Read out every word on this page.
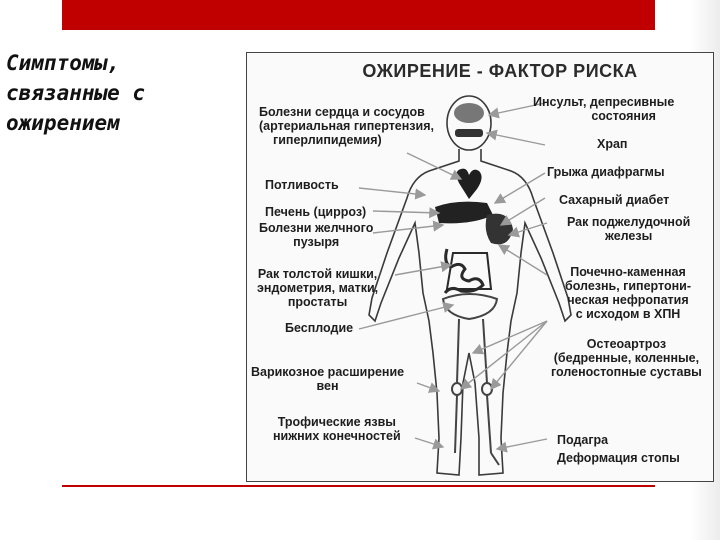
Симптомы,
связанные с
ожирением
ОЖИРЕНИЕ - ФАКТОР РИСКА
Болезни сердца и сосудов
(артериальная гипертензия,
гиперлипидемия)
Потливость
Печень (цирроз)
Болезни желчного
пузыря
Рак толстой кишки,
эндометрия, матки,
простаты
Бесплодие
Варикозное расширение
вен
Трофические язвы
нижних конечностей
Инсульт, депресивные
состояния
Храп
Грыжа диафрагмы
Сахарный диабет
Рак поджелудочной
железы
Почечно-каменная
болезнь, гипертони-
ческая нефропатия
с исходом в ХПН
Остеоартроз
(бедренные, коленные,
голеностопные суставы
Подагра
Деформация стопы
